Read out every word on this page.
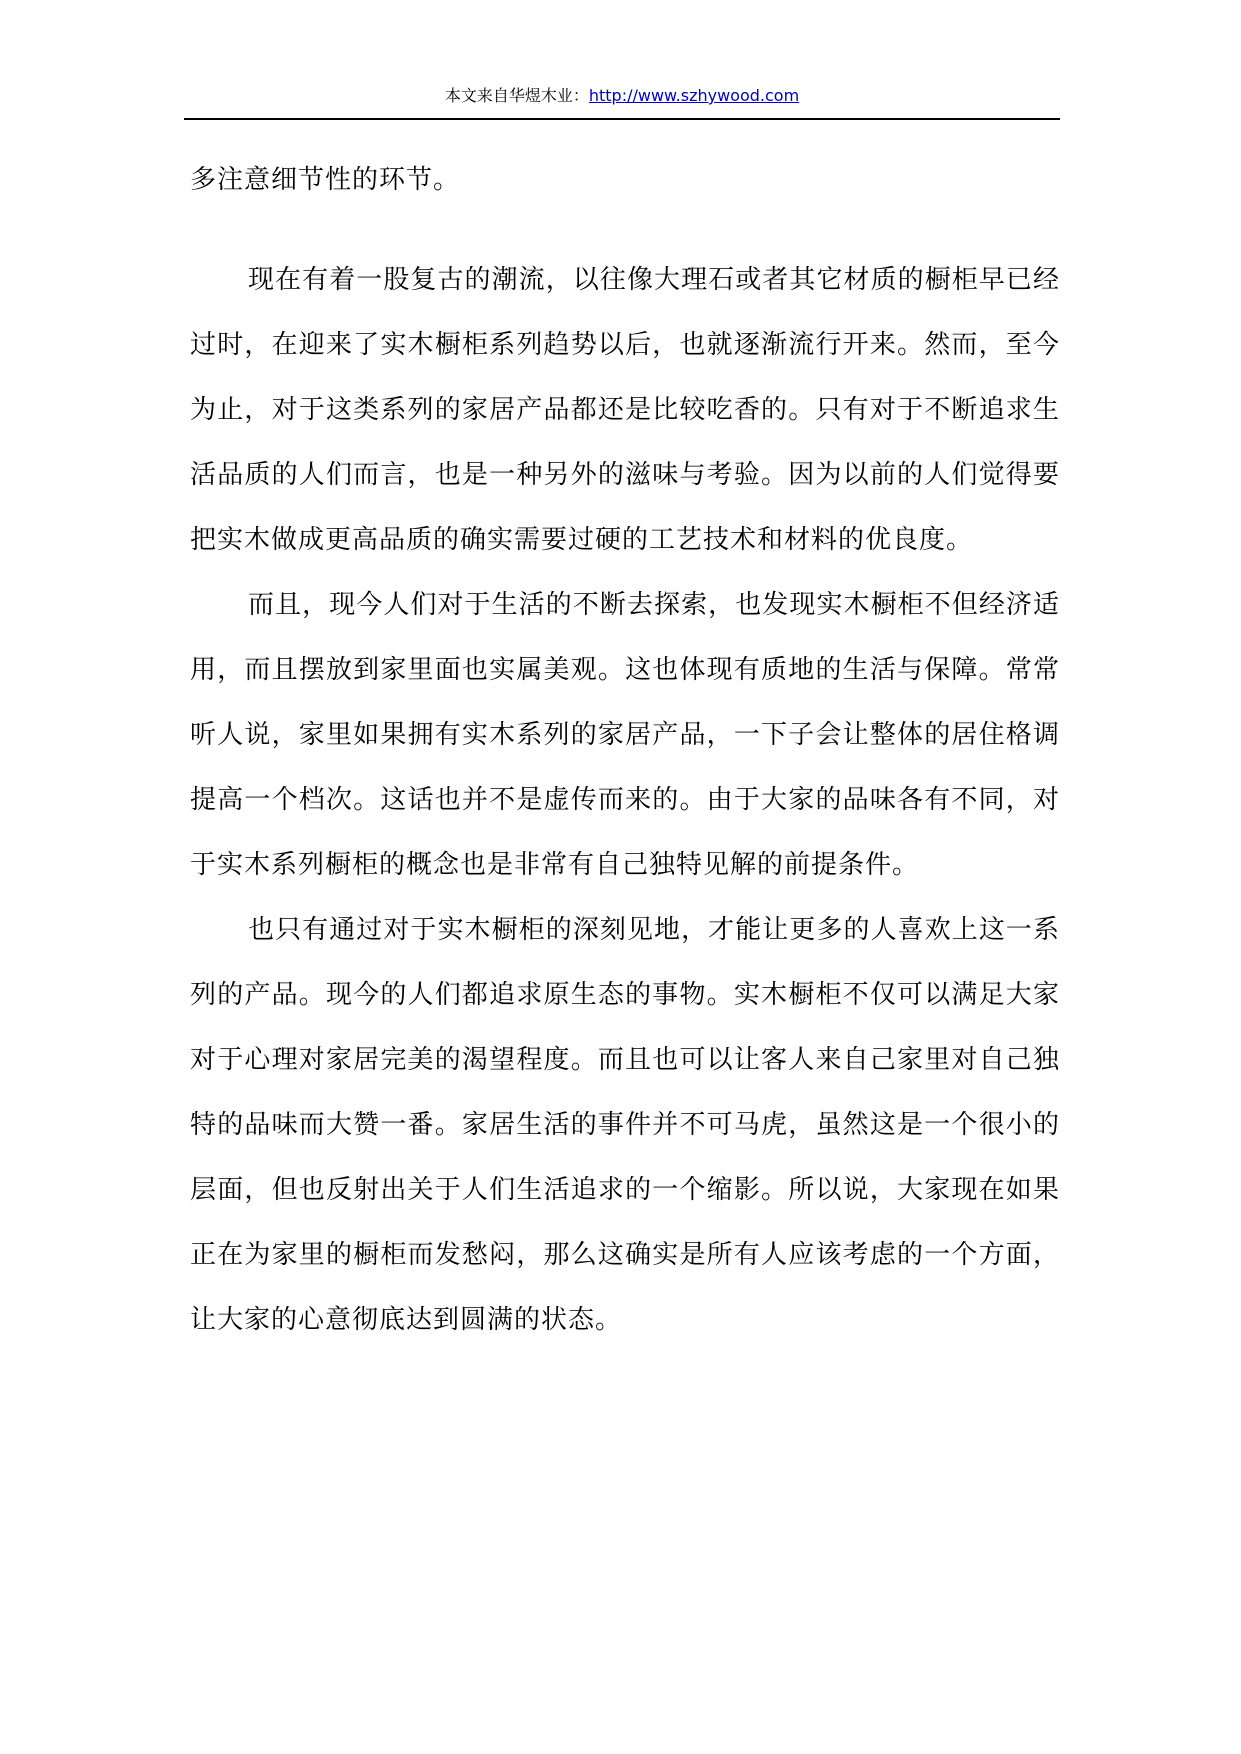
本文来自华煜木业：http://www.szhywood.com

多注意细节性的环节。

现在有着一股复古的潮流，以往像大理石或者其它材质的橱柜早已经过时，在迎来了实木橱柜系列趋势以后，也就逐渐流行开来。然而，至今为止，对于这类系列的家居产品都还是比较吃香的。只有对于不断追求生活品质的人们而言，也是一种另外的滋味与考验。因为以前的人们觉得要把实木做成更高品质的确实需要过硬的工艺技术和材料的优良度。

而且，现今人们对于生活的不断去探索，也发现实木橱柜不但经济适用，而且摆放到家里面也实属美观。这也体现有质地的生活与保障。常常听人说，家里如果拥有实木系列的家居产品，一下子会让整体的居住格调提高一个档次。这话也并不是虚传而来的。由于大家的品味各有不同，对于实木系列橱柜的概念也是非常有自己独特见解的前提条件。

也只有通过对于实木橱柜的深刻见地，才能让更多的人喜欢上这一系列的产品。现今的人们都追求原生态的事物。实木橱柜不仅可以满足大家对于心理对家居完美的渴望程度。而且也可以让客人来自己家里对自己独特的品味而大赞一番。家居生活的事件并不可马虎，虽然这是一个很小的层面，但也反射出关于人们生活追求的一个缩影。所以说，大家现在如果正在为家里的橱柜而发愁闷，那么这确实是所有人应该考虑的一个方面，让大家的心意彻底达到圆满的状态。
